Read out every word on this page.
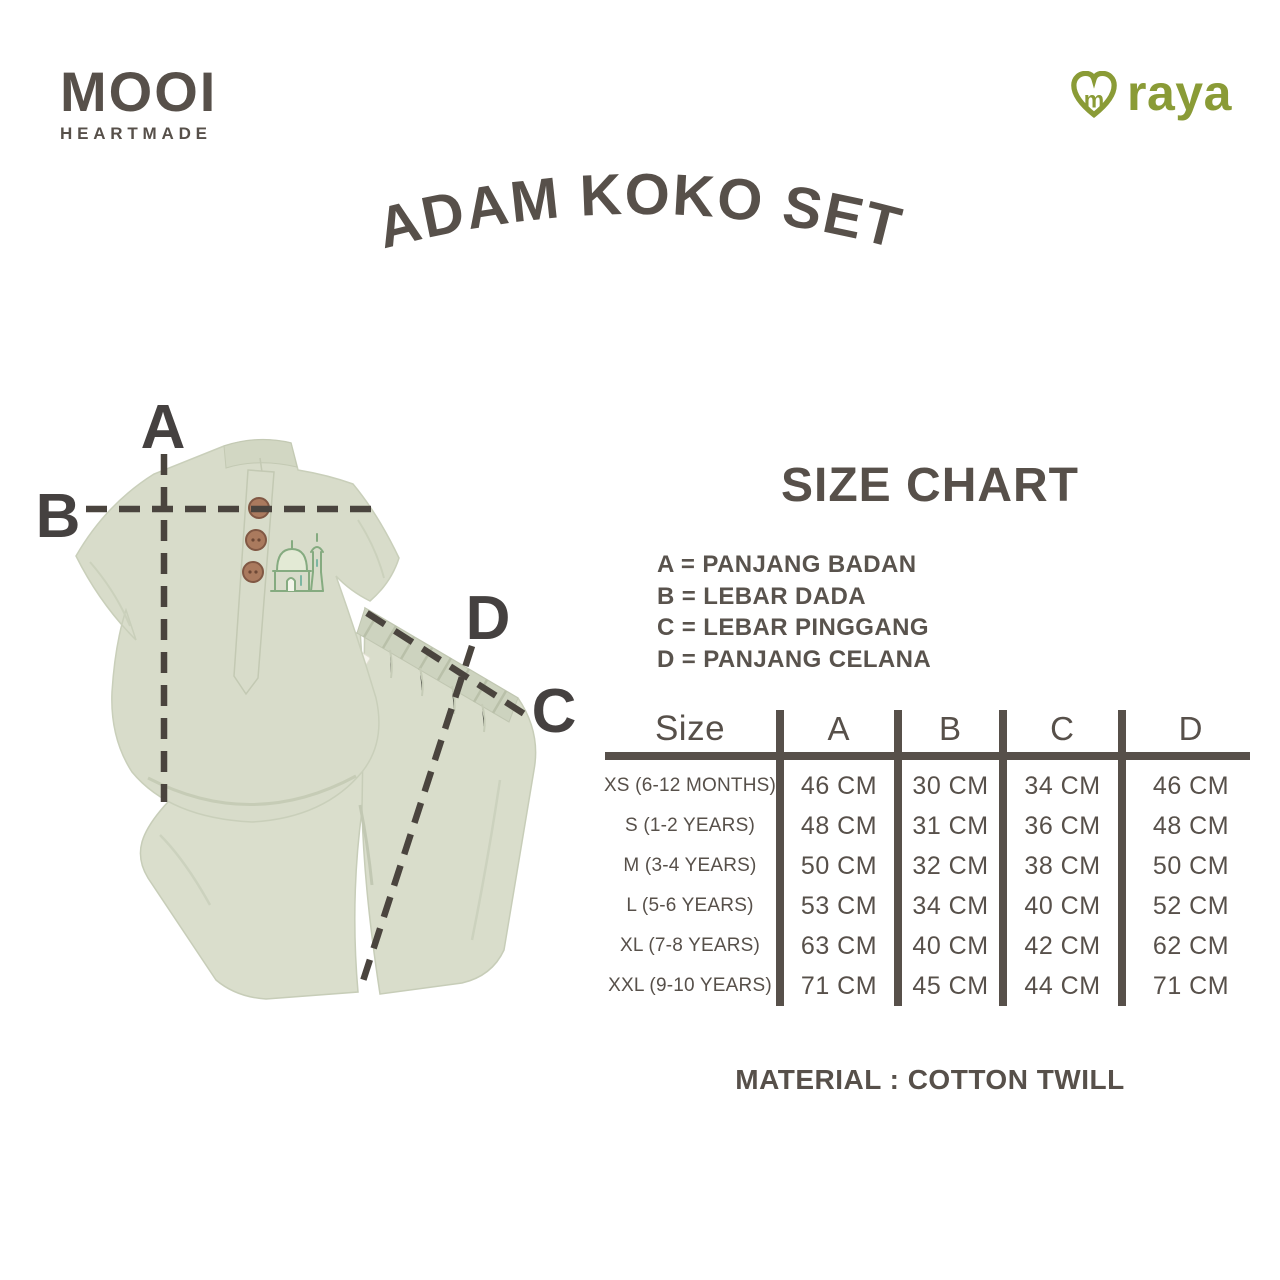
MOOI
HEARTMADE
m raya
ADAM KOKO SET
A
B
C
D
SIZE CHART
A = PANJANG BADAN
B = LEBAR DADA
C = LEBAR PINGGANG
D = PANJANG CELANA
Size	A	B	C	D
XS (6-12 MONTHS) 46 CM	30 CM	34 CM	46 CM
S (1-2 YEARS)	48 CM	31 CM	36 CM	48 CM
M (3-4 YEARS)	50 CM	32 CM	38 CM	50 CM
L (5-6 YEARS)	53 CM	34 CM	40 CM	52 CM
XL (7-8 YEARS)	63 CM	40 CM	42 CM	62 CM
XXL (9-10 YEARS)	71 CM	45 CM	44 CM	71 CM
MATERIAL : COTTON TWILL
